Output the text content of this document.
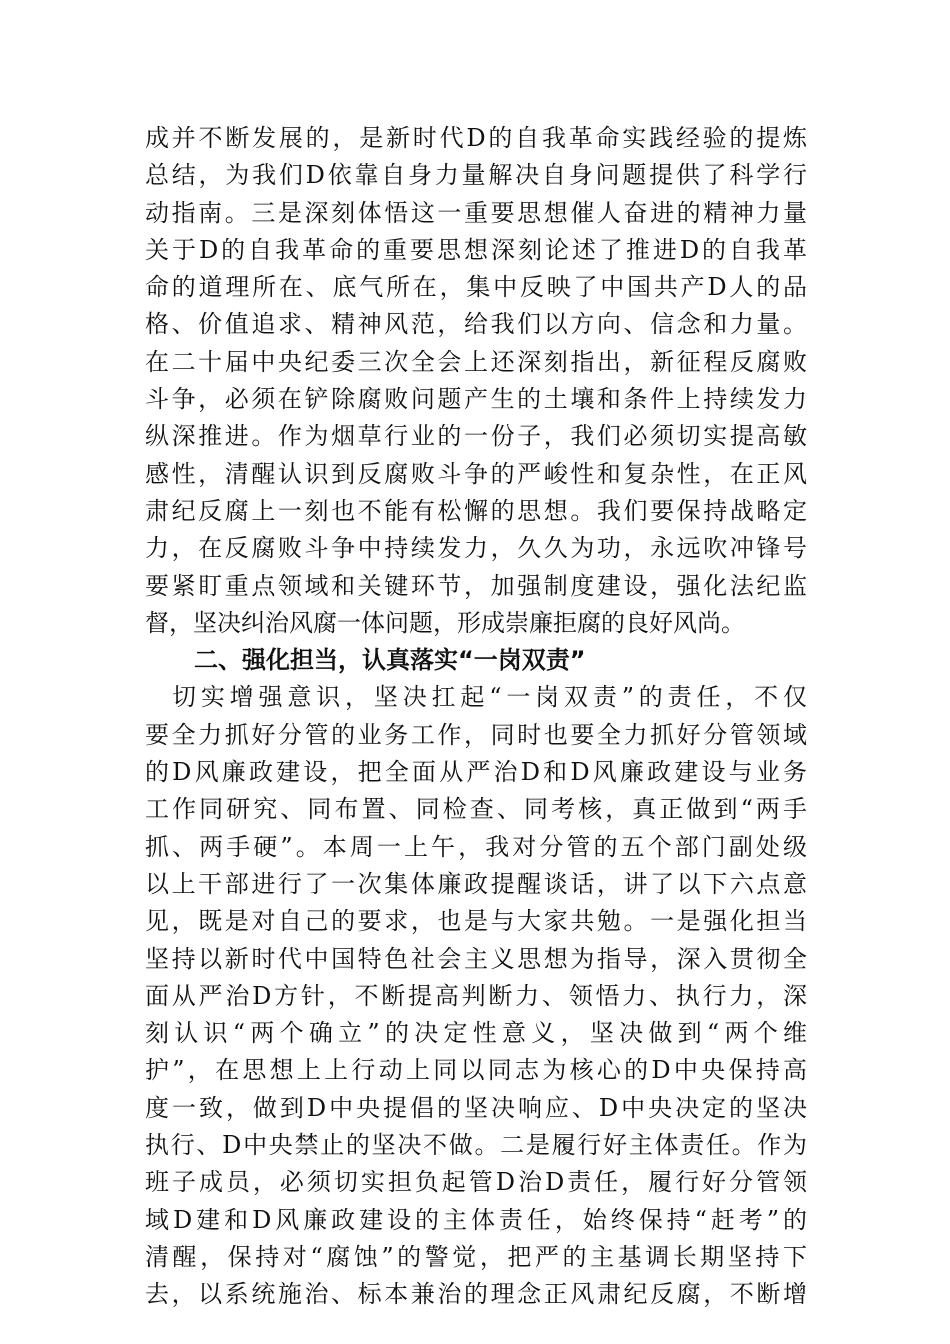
成并不断发展的，是新时代D的自我革命实践经验的提炼
总结，为我们D依靠自身力量解决自身问题提供了科学行
动指南。三是深刻体悟这一重要思想催人奋进的精神力量
关于D的自我革命的重要思想深刻论述了推进D的自我革
命的道理所在、底气所在，集中反映了中国共产D人的品
格、价值追求、精神风范，给我们以方向、信念和力量。
在二十届中央纪委三次全会上还深刻指出，新征程反腐败
斗争，必须在铲除腐败问题产生的土壤和条件上持续发力
纵深推进。作为烟草行业的一份子，我们必须切实提高敏
感性，清醒认识到反腐败斗争的严峻性和复杂性，在正风
肃纪反腐上一刻也不能有松懈的思想。我们要保持战略定
力，在反腐败斗争中持续发力，久久为功，永远吹冲锋号
要紧盯重点领域和关键环节，加强制度建设，强化法纪监
督，坚决纠治风腐一体问题，形成崇廉拒腐的良好风尚。
二、强化担当，认真落实“一岗双责”
切实增强意识，坚决扛起“一岗双责”的责任，不仅
要全力抓好分管的业务工作，同时也要全力抓好分管领域
的D风廉政建设，把全面从严治D和D风廉政建设与业务
工作同研究、同布置、同检查、同考核，真正做到“两手
抓、两手硬”。本周一上午，我对分管的五个部门副处级
以上干部进行了一次集体廉政提醒谈话，讲了以下六点意
见，既是对自己的要求，也是与大家共勉。一是强化担当
坚持以新时代中国特色社会主义思想为指导，深入贯彻全
面从严治D方针，不断提高判断力、领悟力、执行力，深
刻认识“两个确立”的决定性意义，坚决做到“两个维
护”，在思想上上行动上同以同志为核心的D中央保持高
度一致，做到D中央提倡的坚决响应、D中央决定的坚决
执行、D中央禁止的坚决不做。二是履行好主体责任。作为
班子成员，必须切实担负起管D治D责任，履行好分管领
域D建和D风廉政建设的主体责任，始终保持“赶考”的
清醒，保持对“腐蚀”的警觉，把严的主基调长期坚持下
去，以系统施治、标本兼治的理念正风肃纪反腐，不断增
